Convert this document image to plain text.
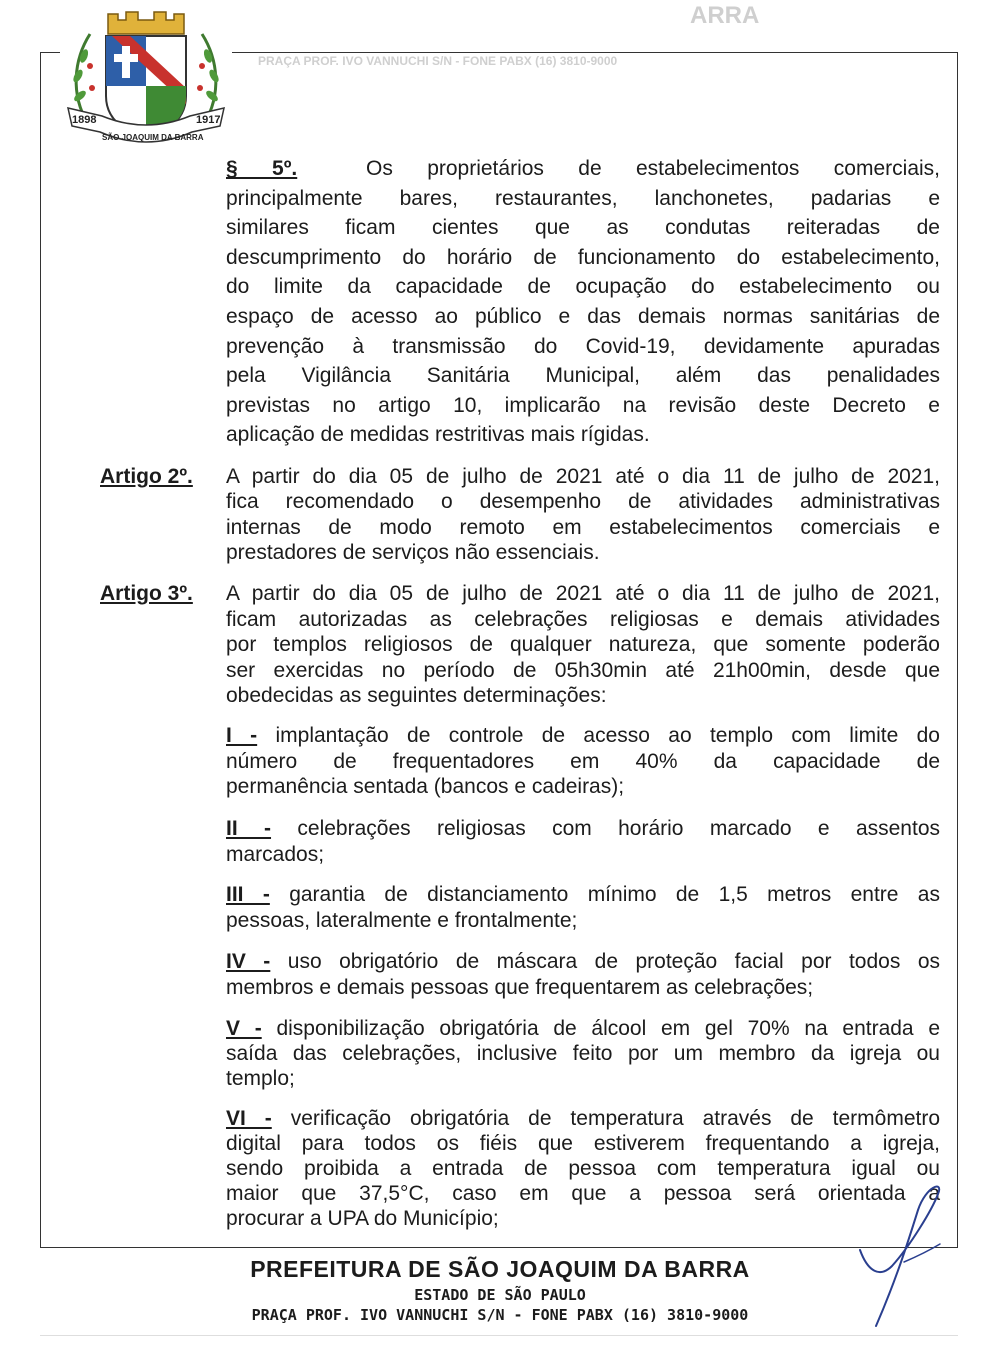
ARRA
PRAÇA PROF. IVO VANNUCHI S/N - FONE PABX (16) 3810-9000
1898	1917
SÃO JOAQUIM DA BARRA

§ 5º.	Os proprietários de estabelecimentos comerciais,

principalmente bares, restaurantes, lanchonetes, padarias e

similares ficam cientes que as condutas reiteradas de

descumprimento do horário de funcionamento do estabelecimento,

do limite da capacidade de ocupação do estabelecimento ou

espaço de acesso ao público e das demais normas sanitárias de

prevenção à transmissão do Covid-19, devidamente apuradas

pela Vigilância Sanitária Municipal, além das penalidades

previstas no artigo 10, implicarão na revisão deste Decreto e

aplicação de medidas restritivas mais rígidas.

Artigo 2º. A partir do dia 05 de julho de 2021 até o dia 11 de julho de 2021,

fica recomendado o desempenho de atividades administrativas

internas de modo remoto em estabelecimentos comerciais e

prestadores de serviços não essenciais.

Artigo 3º. A partir do dia 05 de julho de 2021 até o dia 11 de julho de 2021,

ficam autorizadas as celebrações religiosas e demais atividades

por templos religiosos de qualquer natureza, que somente poderão

ser exercidas no período de 05h30min até 21h00min, desde que

obedecidas as seguintes determinações:

I - implantação de controle de acesso ao templo com limite do

número de frequentadores em 40% da capacidade de

permanência sentada (bancos e cadeiras);

II - celebrações religiosas com horário marcado e assentos

marcados;

III - garantia de distanciamento mínimo de 1,5 metros entre as

pessoas, lateralmente e frontalmente;

IV - uso obrigatório de máscara de proteção facial por todos os

membros e demais pessoas que frequentarem as celebrações;

V - disponibilização obrigatória de álcool em gel 70% na entrada e

saída das celebrações, inclusive feito por um membro da igreja ou

templo;

VI - verificação obrigatória de temperatura através de termômetro

digital para todos os fiéis que estiverem frequentando a igreja,

sendo proibida a entrada de pessoa com temperatura igual ou

maior que 37,5°C, caso em que a pessoa será orientada a

procurar a UPA do Município;

PREFEITURA DE SÃO JOAQUIM DA BARRA
ESTADO DE SÃO PAULO
PRAÇA PROF. IVO VANNUCHI S/N - FONE PABX (16) 3810-9000
